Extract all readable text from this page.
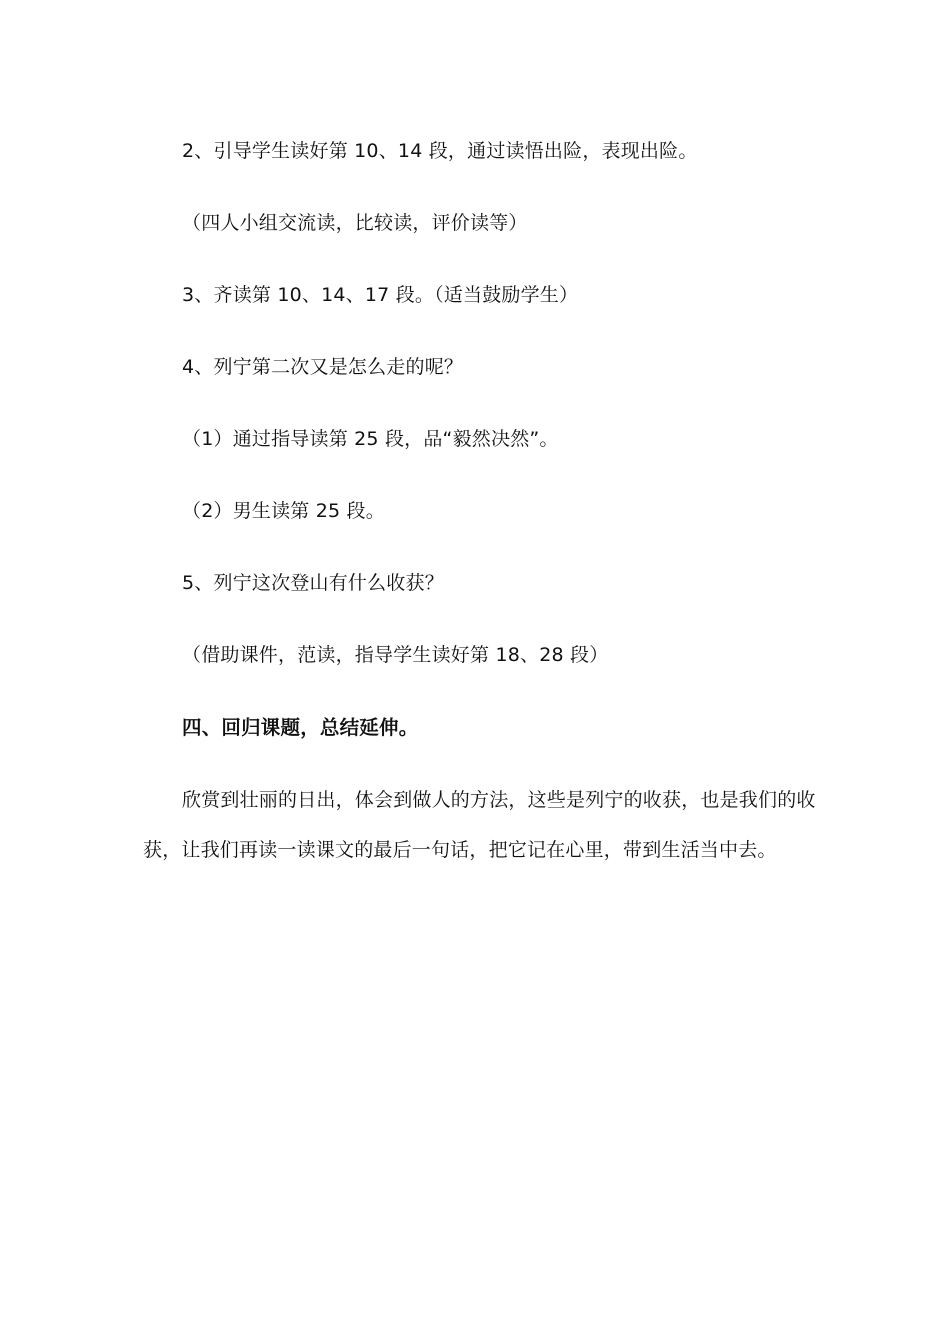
2、引导学生读好第 10、14 段，通过读悟出险，表现出险。
（四人小组交流读，比较读，评价读等）
3、齐读第 10、14、17 段。（适当鼓励学生）
4、列宁第二次又是怎么走的呢？
（1）通过指导读第 25 段，品“毅然决然”。
（2）男生读第 25 段。
5、列宁这次登山有什么收获？
（借助课件，范读，指导学生读好第 18、28 段）
四、回归课题，总结延伸。
欣赏到壮丽的日出，体会到做人的方法，这些是列宁的收获，也是我们的收
获，让我们再读一读课文的最后一句话，把它记在心里，带到生活当中去。
